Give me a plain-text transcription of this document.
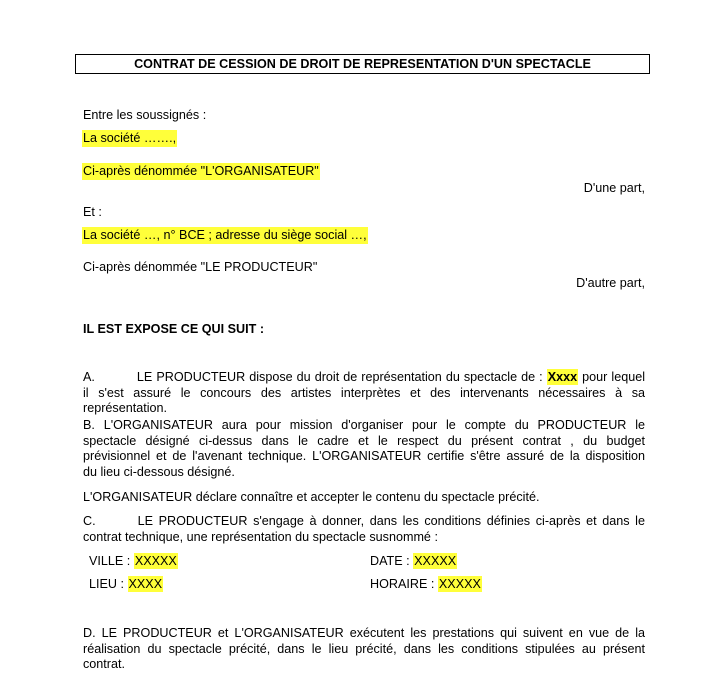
CONTRAT DE CESSION DE DROIT DE REPRESENTATION D'UN SPECTACLE
Entre les soussignés :
La société …….,
Ci-après dénommée "L'ORGANISATEUR"
D'une part,
Et :
La société …, n° BCE ; adresse du siège social …,
Ci-après dénommée "LE PRODUCTEUR"
D'autre part,
IL EST EXPOSE CE QUI SUIT :
A.	LE PRODUCTEUR dispose du droit de représentation du spectacle de : Xxxx pour lequel
il s'est assuré le concours des artistes interprètes et des intervenants nécessaires à sa
représentation.
B. L'ORGANISATEUR aura pour mission d'organiser pour le compte du PRODUCTEUR le
spectacle désigné ci-dessus dans le cadre et le respect du présent contrat , du budget
prévisionnel et de l'avenant technique. L'ORGANISATEUR certifie s'être assuré de la disposition
du lieu ci-dessous désigné.
L'ORGANISATEUR déclare connaître et accepter le contenu du spectacle précité.
C.	LE PRODUCTEUR s'engage à donner, dans les conditions définies ci-après et dans le
contrat technique, une représentation du spectacle susnommé :
VILLE : XXXXX	DATE : XXXXX
LIEU : XXXX	HORAIRE : XXXXX
D. LE PRODUCTEUR et L'ORGANISATEUR exécutent les prestations qui suivent en vue de la
réalisation du spectacle précité, dans le lieu précité, dans les conditions stipulées au présent
contrat.
